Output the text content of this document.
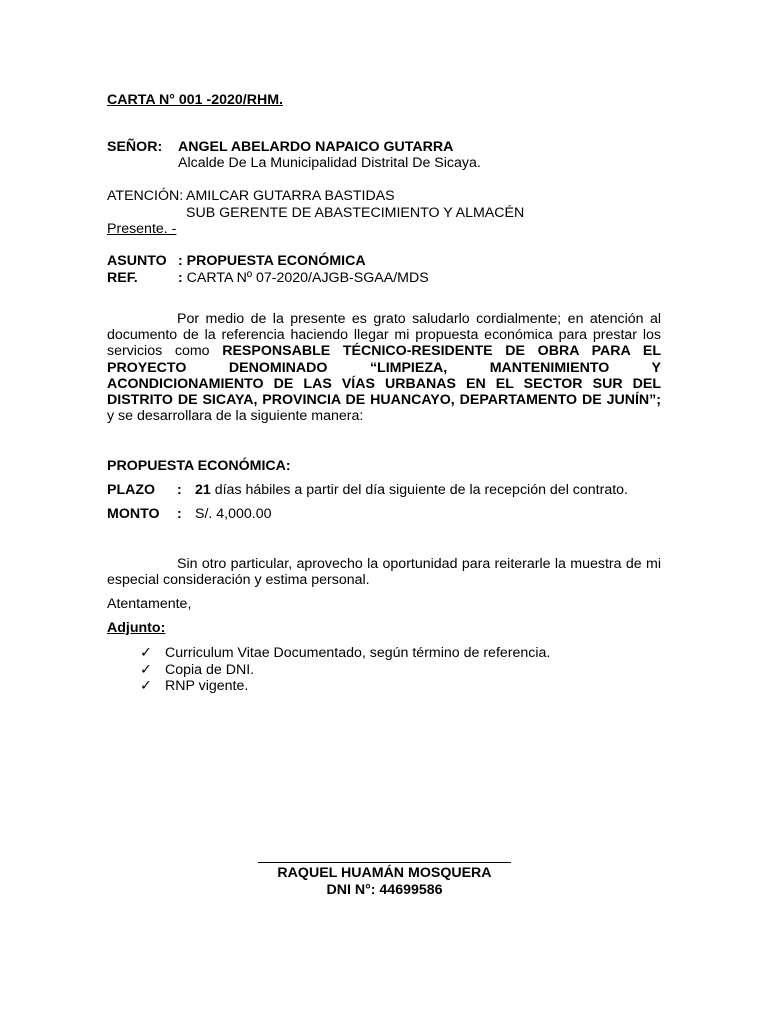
CARTA N° 001 -2020/RHM.
SEÑOR: ANGEL ABELARDO NAPAICO GUTARRA
Alcalde De La Municipalidad Distrital De Sicaya.
ATENCIÓN: AMILCAR GUTARRA BASTIDAS
SUB GERENTE DE ABASTECIMIENTO Y ALMACÉN
Presente. -
ASUNTO : PROPUESTA ECONÓMICA
REF.	: CARTA Nº 07-2020/AJGB-SGAA/MDS

Por medio de la presente es grato saludarlo cordialmente; en atención al documento de la referencia haciendo llegar mi propuesta económica para prestar los servicios como RESPONSABLE TÉCNICO-RESIDENTE DE OBRA PARA EL PROYECTO DENOMINADO “LIMPIEZA, MANTENIMIENTO Y ACONDICIONAMIENTO DE LAS VÍAS URBANAS EN EL SECTOR SUR DEL DISTRITO DE SICAYA, PROVINCIA DE HUANCAYO, DEPARTAMENTO DE JUNÍN”; y se desarrollara de la siguiente manera:

PROPUESTA ECONÓMICA:
PLAZO : 21 días hábiles a partir del día siguiente de la recepción del contrato.
MONTO : S/. 4,000.00

Sin otro particular, aprovecho la oportunidad para reiterarle la muestra de mi especial consideración y estima personal.

Atentamente,
Adjunto:
✓ Curriculum Vitae Documentado, según término de referencia.
✓ Copia de DNI.
✓ RNP vigente.
RAQUEL HUAMÁN MOSQUERA
DNI N°: 44699586
